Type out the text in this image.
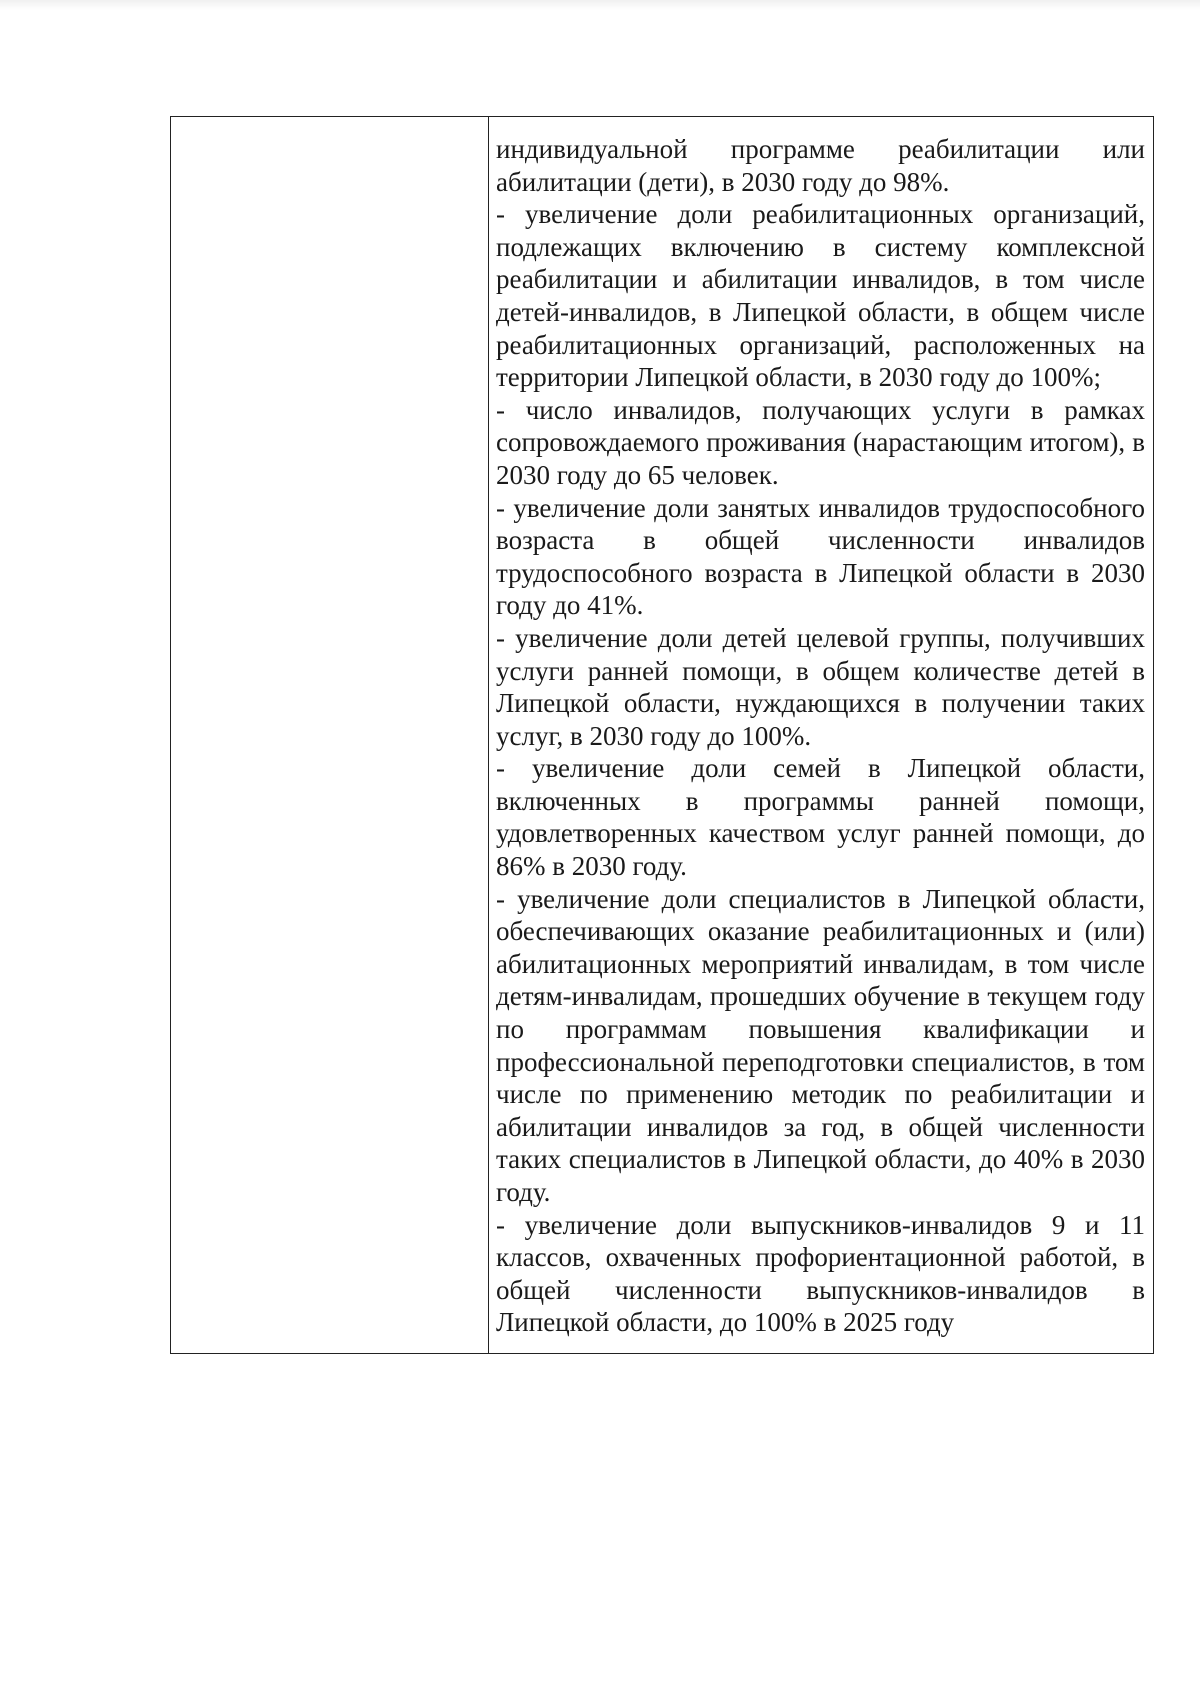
индивидуальной программе реабилитации или абилитации (дети), в 2030 году до 98%.

- увеличение доли реабилитационных организаций, подлежащих включению в систему комплексной реабилитации и абилитации инвалидов, в том числе детей-инвалидов, в Липецкой области, в общем числе реабилитационных организаций, расположенных на территории Липецкой области, в 2030 году до 100%;

- число инвалидов, получающих услуги в рамках сопровождаемого проживания (нарастающим итогом), в 2030 году до 65 человек.

- увеличение доли занятых инвалидов трудоспособного возраста в общей численности инвалидов трудоспособного возраста в Липецкой области в 2030 году до 41%.

- увеличение доли детей целевой группы, получивших услуги ранней помощи, в общем количестве детей в Липецкой области, нуждающихся в получении таких услуг, в 2030 году до 100%.

- увеличение доли семей в Липецкой области, включенных в программы ранней помощи, удовлетворенных качеством услуг ранней помощи, до 86% в 2030 году.

- увеличение доли специалистов в Липецкой области, обеспечивающих оказание реабилитационных и (или) абилитационных мероприятий инвалидам, в том числе детям-инвалидам, прошедших обучение в текущем году по программам повышения квалификации и профессиональной переподготовки специалистов, в том числе по применению методик по реабилитации и абилитации инвалидов за год, в общей численности таких специалистов в Липецкой области, до 40% в 2030 году.

- увеличение доли выпускников-инвалидов 9 и 11 классов, охваченных профориентационной работой, в общей численности выпускников-инвалидов в Липецкой области, до 100% в 2025 году
